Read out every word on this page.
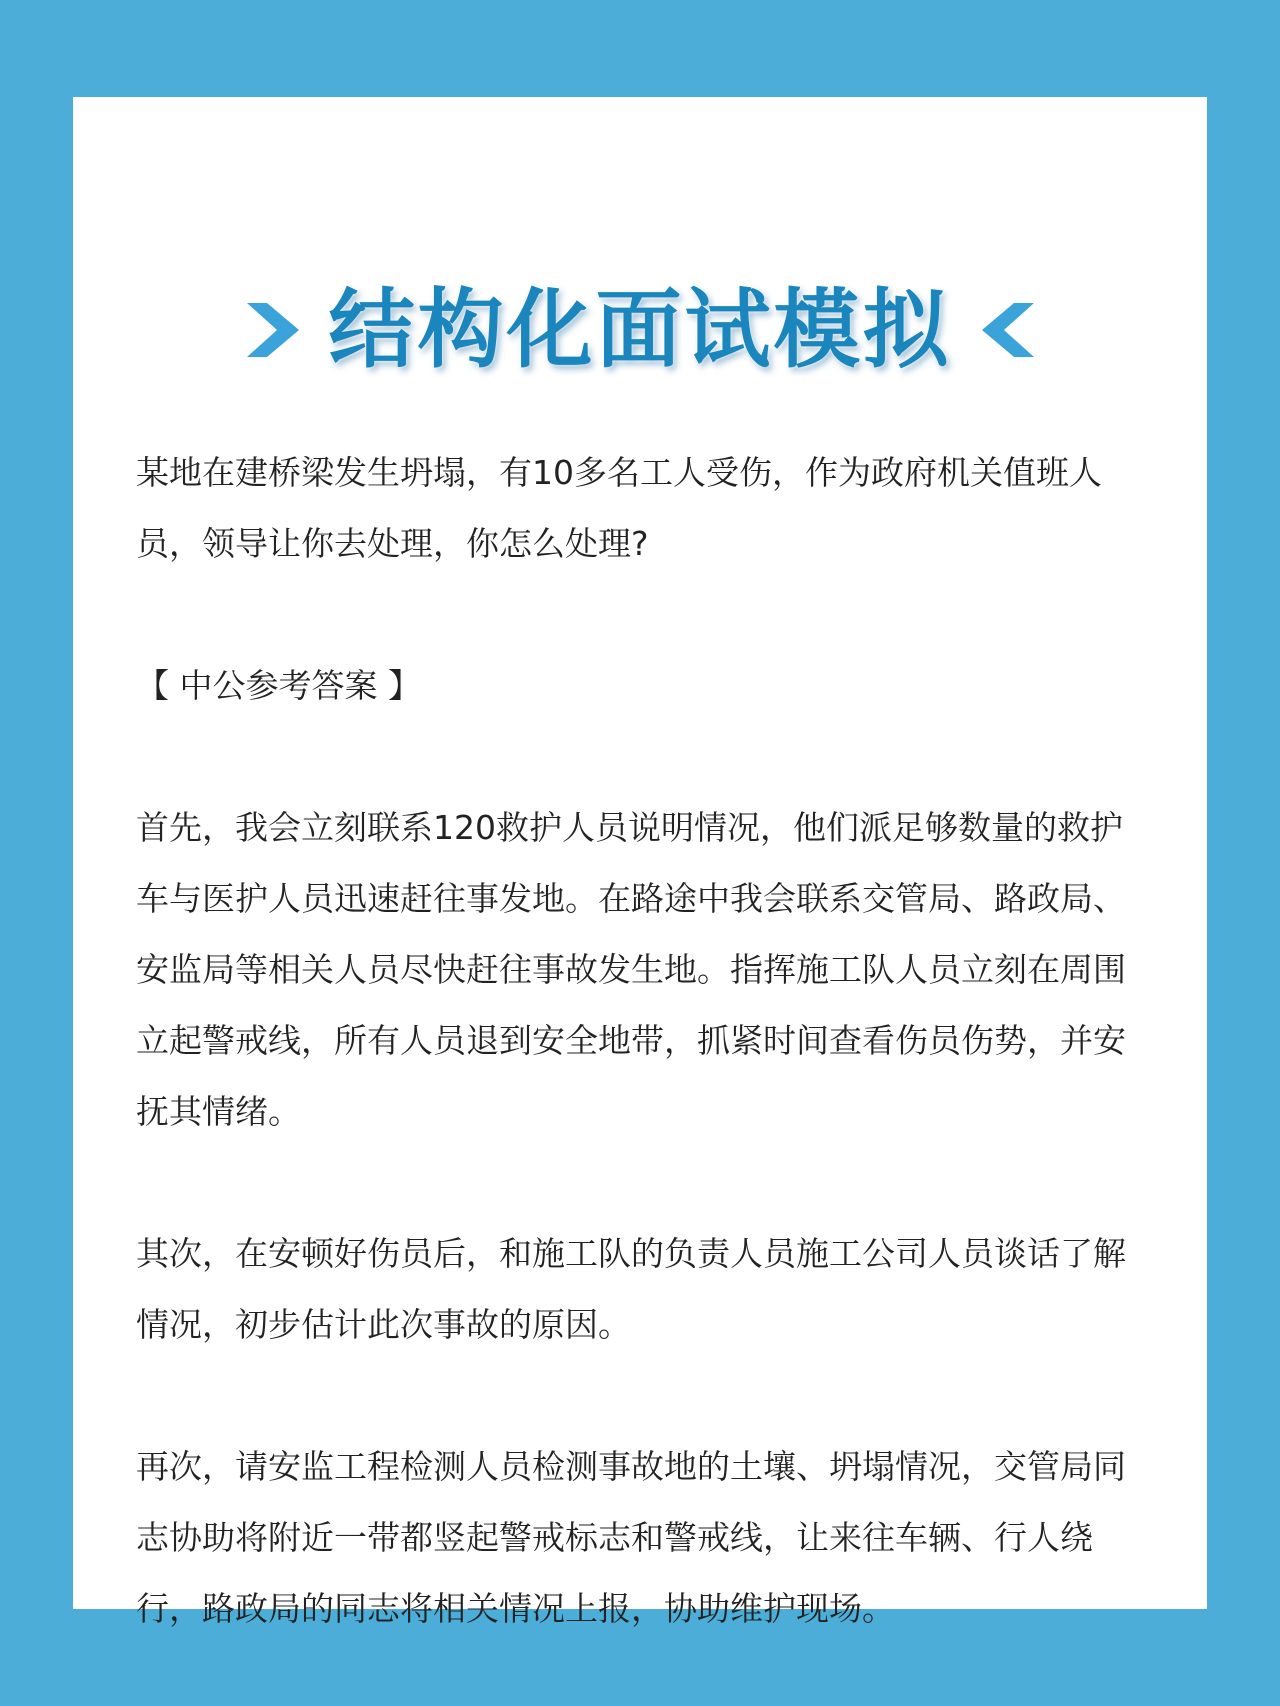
结构化面试模拟

某地在建桥梁发生坍塌，有10多名工人受伤，作为政府机关值班人员，领导让你去处理，你怎么处理?

【 中公参考答案 】

首先，我会立刻联系120救护人员说明情况，他们派足够数量的救护车与医护人员迅速赶往事发地。在路途中我会联系交管局、路政局、安监局等相关人员尽快赶往事故发生地。指挥施工队人员立刻在周围立起警戒线，所有人员退到安全地带，抓紧时间查看伤员伤势，并安抚其情绪。

其次，在安顿好伤员后，和施工队的负责人员施工公司人员谈话了解情况，初步估计此次事故的原因。

再次，请安监工程检测人员检测事故地的土壤、坍塌情况，交管局同志协助将附近一带都竖起警戒标志和警戒线，让来往车辆、行人绕行，路政局的同志将相关情况上报，协助维护现场。
